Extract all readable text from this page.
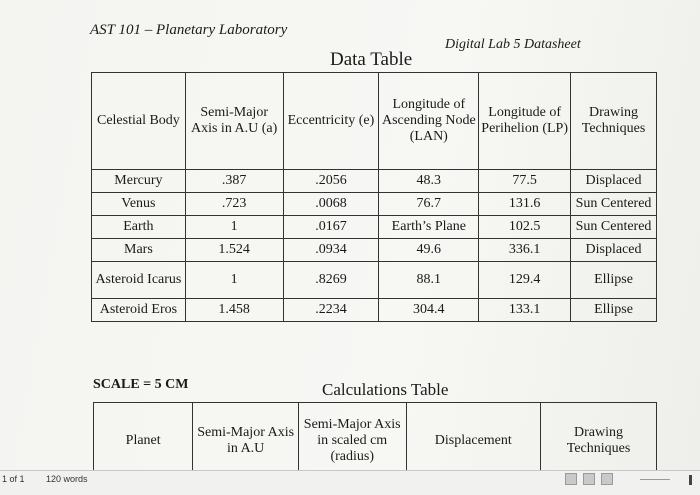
AST 101 – Planetary Laboratory
Digital Lab 5 Datasheet
Data Table
Celestial Body	Semi-Major Axis in A.U (a)	Eccentricity (e)	Longitude of Ascending Node (LAN)	Longitude of Perihelion (LP)	Drawing Techniques
Mercury	.387	.2056	48.3	77.5	Displaced
Venus	.723	.0068	76.7	131.6	Sun Centered
Earth	1	.0167	Earth’s Plane	102.5	Sun Centered
Mars	1.524	.0934	49.6	336.1	Displaced
Asteroid Icarus	1	.8269	88.1	129.4	Ellipse
Asteroid Eros	1.458	.2234	304.4	133.1	Ellipse
SCALE = 5 CM	Calculations Table
Planet	Semi-Major Axis in A.U	Semi-Major Axis in scaled cm (radius)	Displacement	Drawing Techniques
1 of 1 120 words
